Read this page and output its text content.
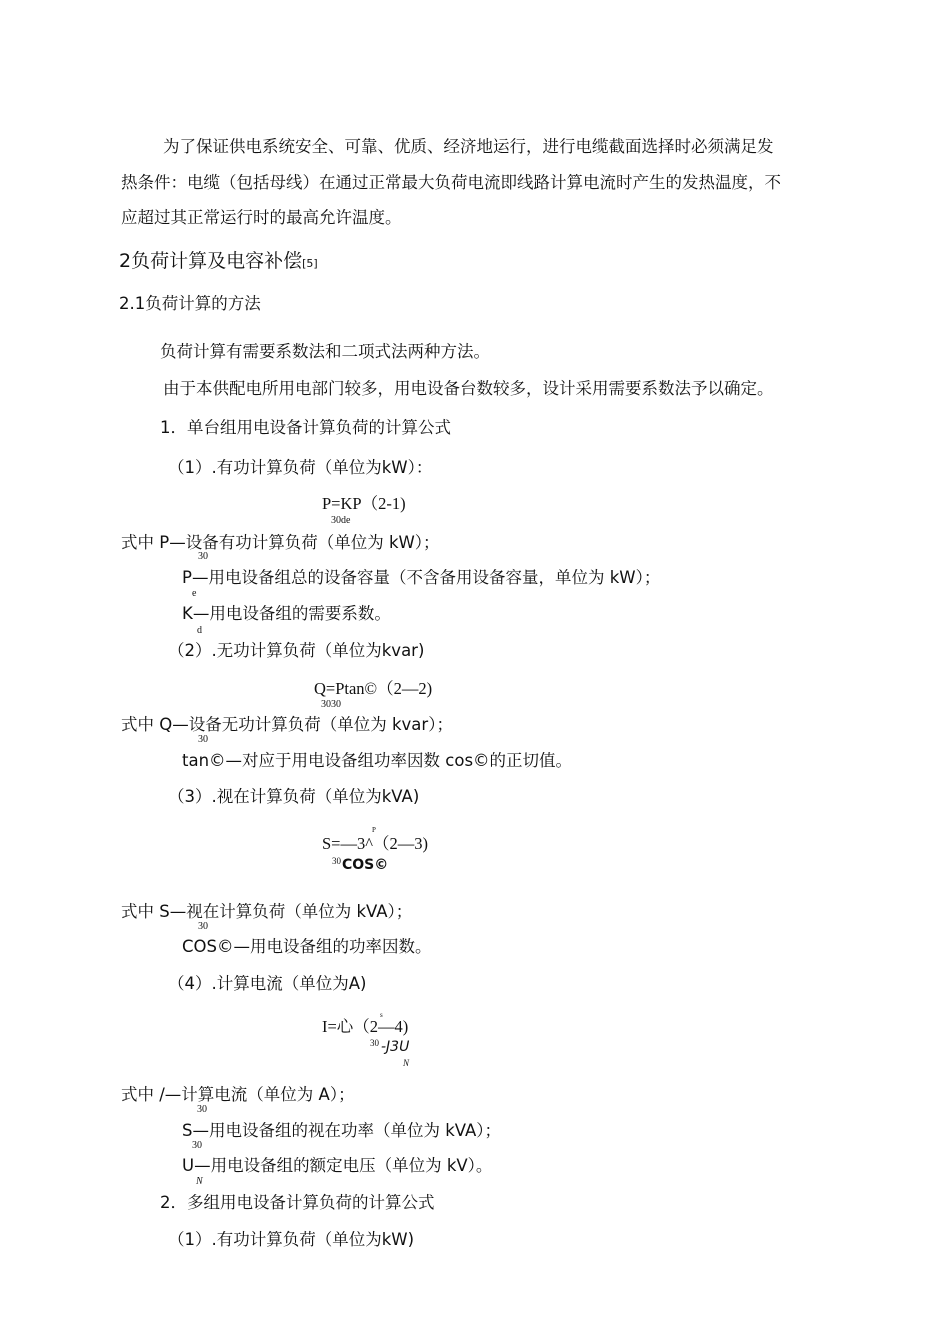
为了保证供电系统安全、可靠、优质、经济地运行，进行电缆截面选择时必须满足发
热条件：电缆（包括母线）在通过正常最大负荷电流即线路计算电流时产生的发热温度，不
应超过其正常运行时的最高允许温度。
2负荷计算及电容补偿[5]
2.1负荷计算的方法
负荷计算有需要系数法和二项式法两种方法。
由于本供配电所用电部门较多，用电设备台数较多，设计采用需要系数法予以确定。
1．单台组用电设备计算负荷的计算公式
（1）.有功计算负荷（单位为kW）：
P=KP（2-1)
30de
式中 P—设备有功计算负荷（单位为 kW）；
30
P—用电设备组总的设备容量（不含备用设备容量，单位为 kW）；
e
K—用电设备组的需要系数。
d
（2）.无功计算负荷（单位为kvar)
Q=Ptan©（2—2)
3030
式中 Q—设备无功计算负荷（单位为 kvar）；
30
tan©—对应于用电设备组功率因数 cos©的正切值。
（3）.视在计算负荷（单位为kVA)
P
S=—3^（2—3)
30 COS©
式中 S—视在计算负荷（单位为 kVA）；
30
COS©—用电设备组的功率因数。
（4）.计算电流（单位为A)
s
I=心（2—4)
30 -J3U
N
式中 /—计算电流（单位为 A）；
30
S—用电设备组的视在功率（单位为 kVA）；
30
U—用电设备组的额定电压（单位为 kV）。
N
2．多组用电设备计算负荷的计算公式
（1）.有功计算负荷（单位为kW)
